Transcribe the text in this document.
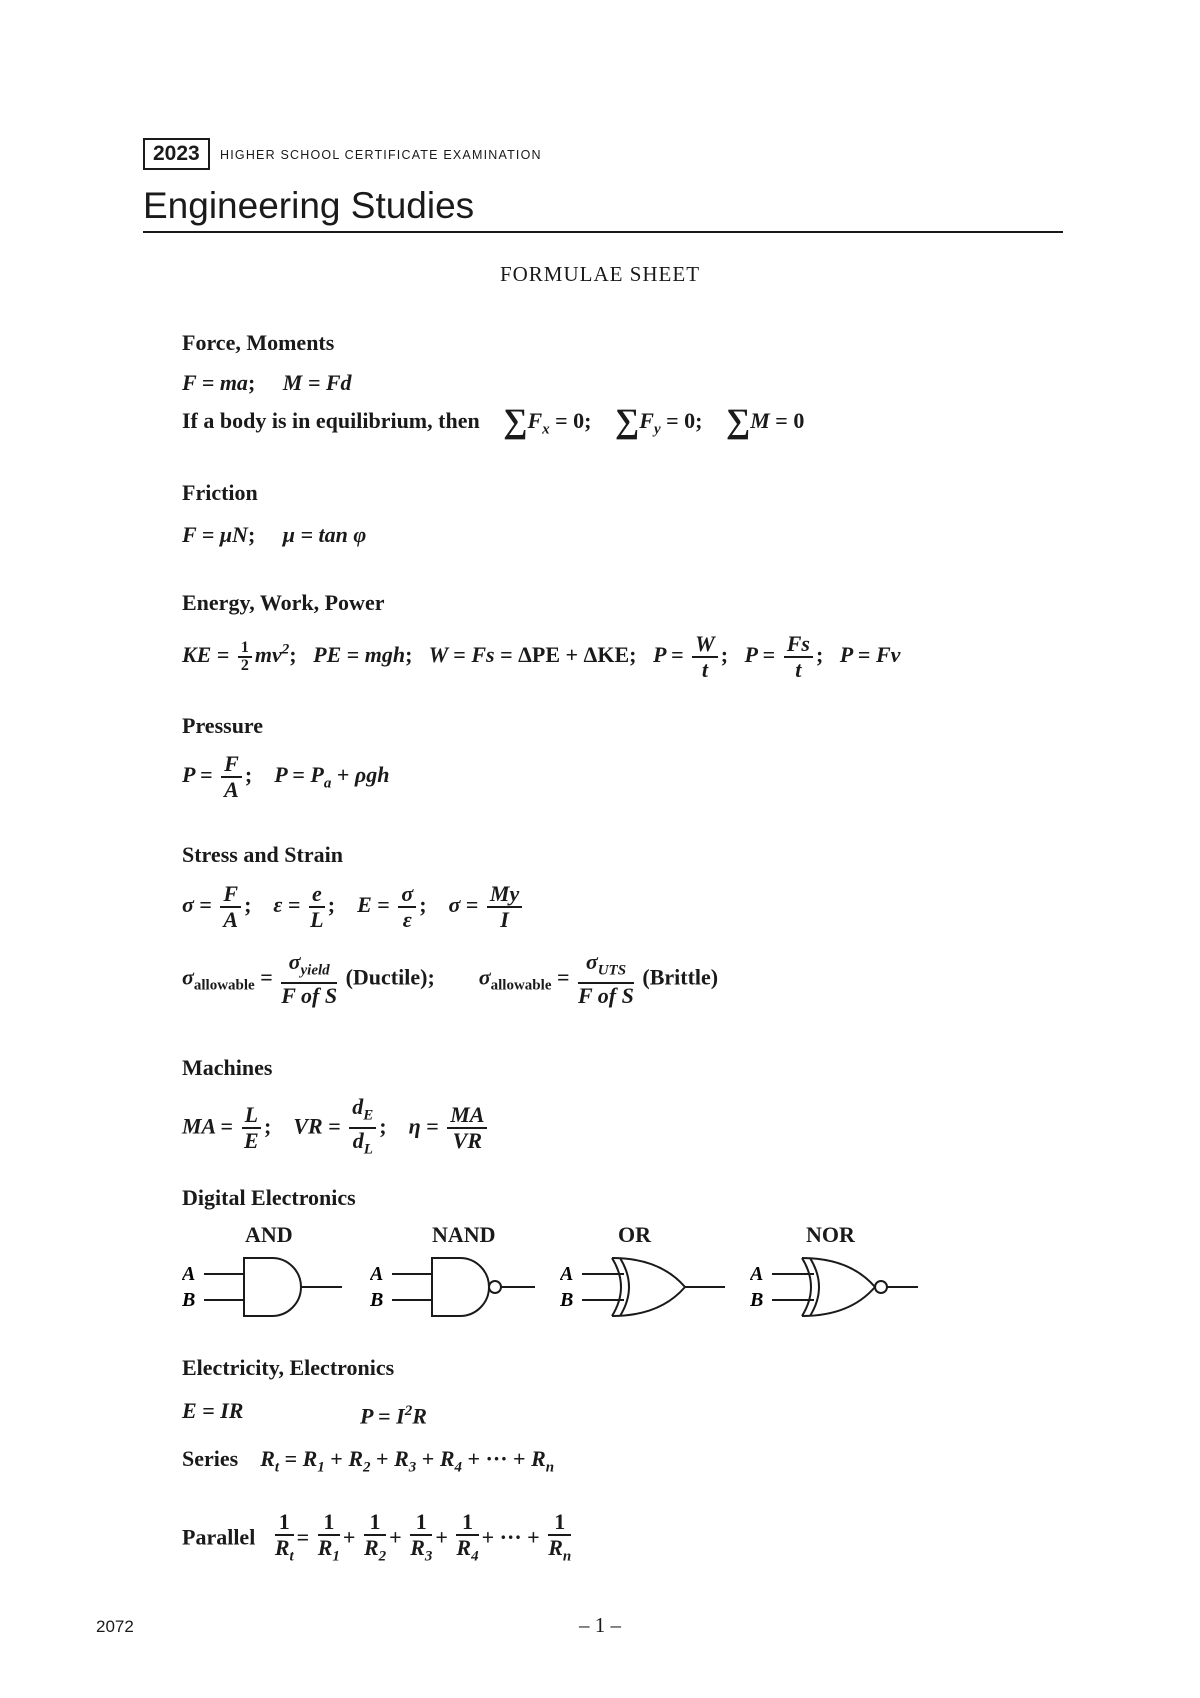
2023	HIGHER SCHOOL CERTIFICATE EXAMINATION
Engineering Studies
FORMULAE SHEET
Force, Moments
F = ma; M = Fd
If a body is in equilibrium, then $\sum F_x = 0$; $\sum F_y = 0$; ∑M = 0
Friction
F = μN; μ = tan φ
Energy, Work, Power
KE = $\frac{1}{2} mv^2$;   PE = mgh;   W = Fs = ΔPE + ΔKE;   $P = \frac{W}{t}$ ;   $P = \frac{Fs}{t}$ ;   P = Fv
Pressure
$P = \frac{F}{A}$ ;    $P = P_a + \rho gh$
Stress and Strain
$\sigma = \frac{F}{A}$ ;    $\varepsilon = \frac{e}{L}$ ;    $E = \frac{\sigma}{\varepsilon}$ ;    $\sigma = \frac{My}{I}$
$\sigma_{allowable} = \frac{\sigma_{yield}}{\text{F of S}}$ (Ductile);        $\sigma_{allowable} = \frac{\sigma_{UTS}}{\text{F of S}}$ (Brittle)
Machines
MA = $\frac{L}{E}$ ;    VR = $\frac{d_E}{d_L}$ ;    $\eta = \frac{MA}{VR}$
Digital Electronics
AND	NAND	OR	NOR
A
B
A
B
A
B
A
B
Electricity, Electronics
E = IR	$P = I^2R$
Series    $R_t = R_1 + R_2 + R_3 + R_4$ + ··· + $R_n$
Parallel $\frac{1}{R_t} = \frac{1}{R_1} + \frac{1}{R_2} + \frac{1}{R_3} + \frac{1}{R_4}$ + ··· + $\frac{1}{R_n}$
2072	– 1 –
